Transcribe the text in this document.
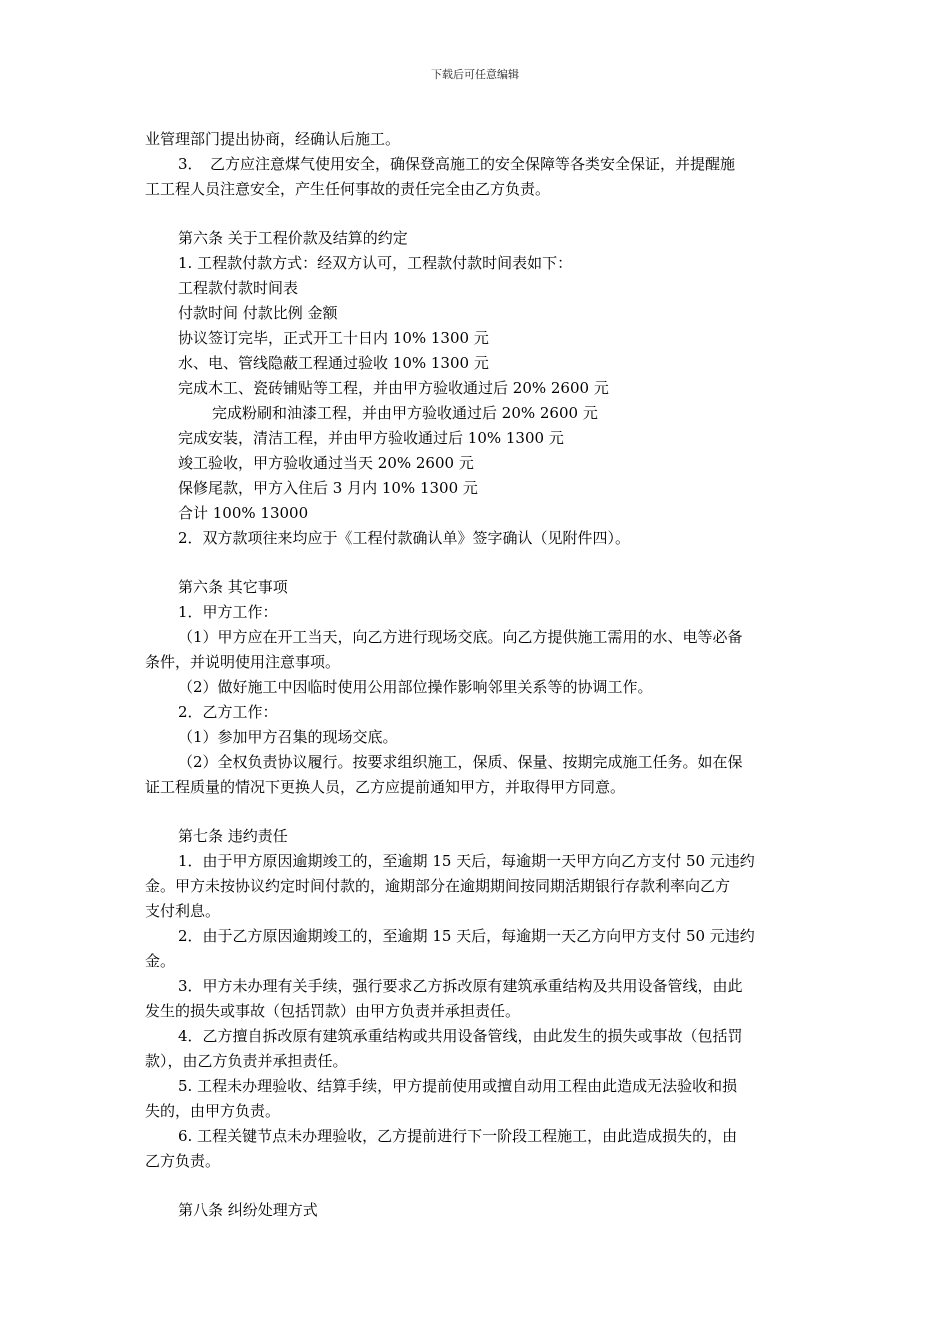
下载后可任意编辑
业管理部门提出协商，经确认后施工。
3．　乙方应注意煤气使用安全，确保登高施工的安全保障等各类安全保证，并提醒施
工工程人员注意安全，产生任何事故的责任完全由乙方负责。
第六条 关于工程价款及结算的约定
1. 工程款付款方式：经双方认可，工程款付款时间表如下：
工程款付款时间表
付款时间 付款比例 金额
协议签订完毕，正式开工十日内 10% 1300 元
水、电、管线隐蔽工程通过验收 10% 1300 元
完成木工、瓷砖铺贴等工程，并由甲方验收通过后 20% 2600 元
完成粉刷和油漆工程，并由甲方验收通过后 20% 2600 元
完成安装，清洁工程，并由甲方验收通过后 10% 1300 元
竣工验收，甲方验收通过当天 20% 2600 元
保修尾款，甲方入住后 3 月内 10% 1300 元
合计 100% 13000
2．双方款项往来均应于《工程付款确认单》签字确认（见附件四）。
第六条 其它事项
1．甲方工作：
（1）甲方应在开工当天，向乙方进行现场交底。向乙方提供施工需用的水、电等必备
条件，并说明使用注意事项。
（2）做好施工中因临时使用公用部位操作影响邻里关系等的协调工作。
2．乙方工作：
（1）参加甲方召集的现场交底。
（2）全权负责协议履行。按要求组织施工，保质、保量、按期完成施工任务。如在保
证工程质量的情况下更换人员，乙方应提前通知甲方，并取得甲方同意。
第七条 违约责任
1．由于甲方原因逾期竣工的，至逾期 15 天后，每逾期一天甲方向乙方支付 50 元违约
金。甲方未按协议约定时间付款的，逾期部分在逾期期间按同期活期银行存款利率向乙方
支付利息。
2．由于乙方原因逾期竣工的，至逾期 15 天后，每逾期一天乙方向甲方支付 50 元违约
金。
3．甲方未办理有关手续，强行要求乙方拆改原有建筑承重结构及共用设备管线，由此
发生的损失或事故（包括罚款）由甲方负责并承担责任。
4．乙方擅自拆改原有建筑承重结构或共用设备管线，由此发生的损失或事故（包括罚
款），由乙方负责并承担责任。
5. 工程未办理验收、结算手续，甲方提前使用或擅自动用工程由此造成无法验收和损
失的，由甲方负责。
6. 工程关键节点未办理验收，乙方提前进行下一阶段工程施工，由此造成损失的，由
乙方负责。
第八条 纠纷处理方式
